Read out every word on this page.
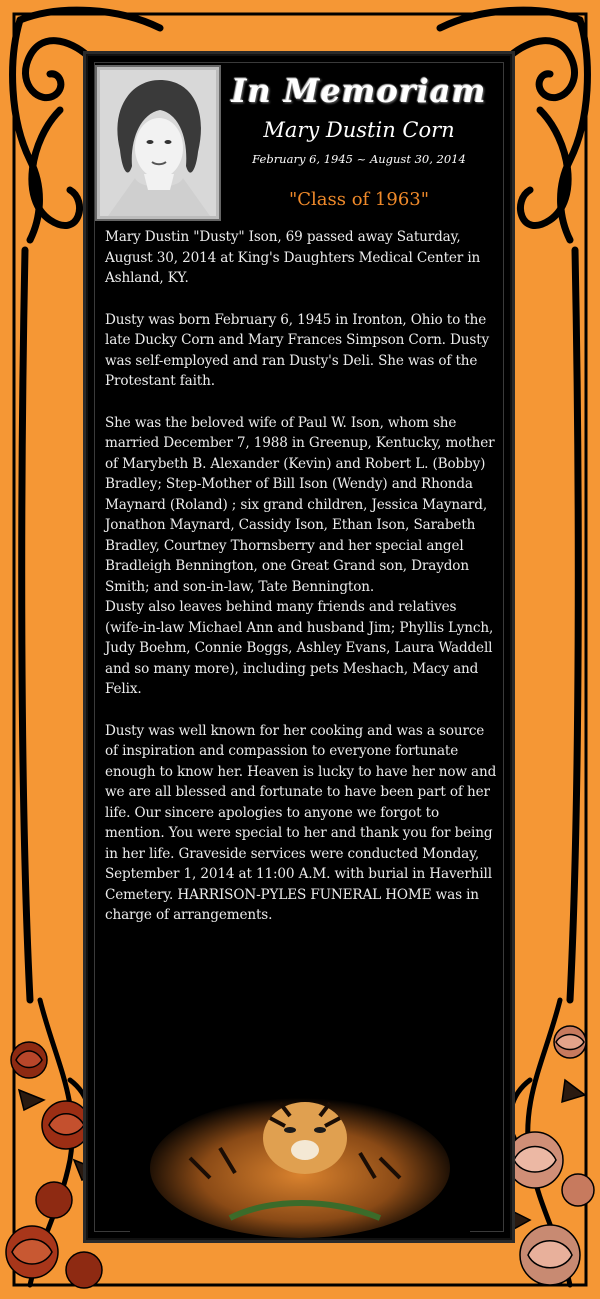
In Memoriam
Mary Dustin Corn
February 6, 1945 ~ August 30, 2014
"Class of 1963"

Mary Dustin "Dusty" Ison, 69 passed away Saturday, August 30, 2014 at King's Daughters Medical Center in Ashland, KY.

Dusty was born February 6, 1945 in Ironton, Ohio to the late Ducky Corn and Mary Frances Simpson Corn. Dusty was self-employed and ran Dusty's Deli. She was of the Protestant faith.

She was the beloved wife of Paul W. Ison, whom she married December 7, 1988 in Greenup, Kentucky, mother of Marybeth B. Alexander (Kevin) and Robert L. (Bobby) Bradley; Step-Mother of Bill Ison (Wendy) and Rhonda Maynard (Roland) ; six grand children, Jessica Maynard, Jonathon Maynard, Cassidy Ison, Ethan Ison, Sarabeth Bradley, Courtney Thornsberry and her special angel Bradleigh Bennington, one Great Grand son, Draydon Smith; and son-in-law, Tate Bennington.

Dusty also leaves behind many friends and relatives (wife-in-law Michael Ann and husband Jim; Phyllis Lynch, Judy Boehm, Connie Boggs, Ashley Evans, Laura Waddell and so many more), including pets Meshach, Macy and Felix.

Dusty was well known for her cooking and was a source of inspiration and compassion to everyone fortunate enough to know her. Heaven is lucky to have her now and we are all blessed and fortunate to have been part of her life. Our sincere apologies to anyone we forgot to mention. You were special to her and thank you for being in her life. Graveside services were conducted Monday, September 1, 2014 at 11:00 A.M. with burial in Haverhill Cemetery. HARRISON-PYLES FUNERAL HOME was in charge of arrangements.
